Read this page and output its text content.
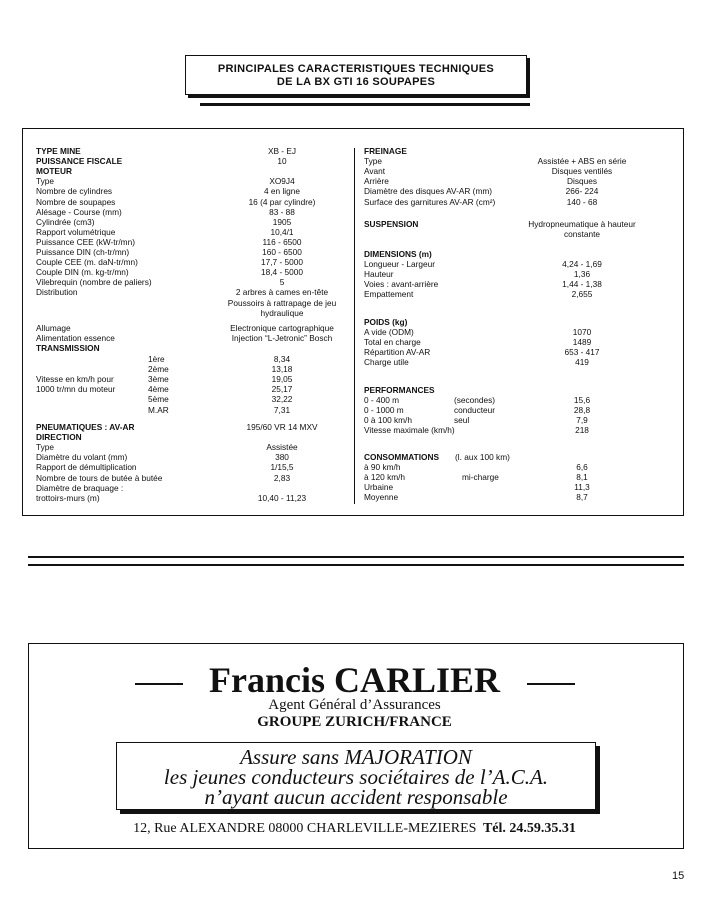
PRINCIPALES CARACTERISTIQUES TECHNIQUES
DE LA BX GTI 16 SOUPAPES
TYPE MINE	XB - EJ
PUISSANCE FISCALE	10
MOTEUR
Type	XO9J4
Nombre de cylindres	4 en ligne
Nombre de soupapes	16 (4 par cylindre)
Alésage - Course (mm)	83 - 88
Cylindrée (cm3)	1905
Rapport volumétrique	10,4/1
Puissance CEE (kW-tr/mn)	116 - 6500
Puissance DIN (ch-tr/mn)	160 - 6500
Couple CEE (m. daN-tr/mn)	17,7 - 5000
Couple DIN (m. kg-tr/mn)	18,4 - 5000
Vilebrequin (nombre de paliers)	5
Distribution	2 arbres à cames en-tête
Poussoirs à rattrapage de jeu
hydraulique
Allumage	Electronique cartographique
Alimentation essence	Injection “L-Jetronic” Bosch
TRANSMISSION
1ère	8,34
2ème	13,18
3ème	19,05
4ème	25,17
5ème	32,22
M.AR	7,31
Vitesse en km/h pour
1000 tr/mn du moteur
PNEUMATIQUES : AV-AR	195/60 VR 14 MXV
DIRECTION
Type	Assistée
Diamètre du volant (mm)	380
Rapport de démultiplication	1/15,5
Nombre de tours de butée à butée	2,83
Diamètre de braquage :
trottoirs-murs (m)	10,40 - 11,23
FREINAGE
Type	Assistée + ABS en série
Avant	Disques ventilés
Arrière	Disques
Diamètre des disques AV-AR (mm)	266- 224
Surface des garnitures AV-AR (cm²)	140 - 68
SUSPENSION	Hydropneumatique à hauteur
constante
DIMENSIONS (m)
Longueur - Largeur	4,24 - 1,69
Hauteur	1,36
Voies : avant-arrière	1,44 - 1,38
Empattement	2,655
POIDS (kg)
A vide (ODM)	1070
Total en charge	1489
Répartition AV-AR	653 - 417
Charge utile	419
PERFORMANCES
0 - 400 m	(secondes)	15,6
0 - 1000 m	conducteur	28,8
0 à 100 km/h	seul	7,9
Vitesse maximale (km/h)	218
CONSOMMATIONS (l. aux 100 km)
à 90 km/h	6,6
à 120 km/h	mi-charge	8,1
Urbaine	11,3
Moyenne	8,7
Francis CARLIER
Agent Général d’Assurances
GROUPE ZURICH/FRANCE
Assure sans MAJORATION
les jeunes conducteurs sociétaires de l’A.C.A.
n’ayant aucun accident responsable
12, Rue ALEXANDRE 08000 CHARLEVILLE-MEZIERES Tél. 24.59.35.31
15
